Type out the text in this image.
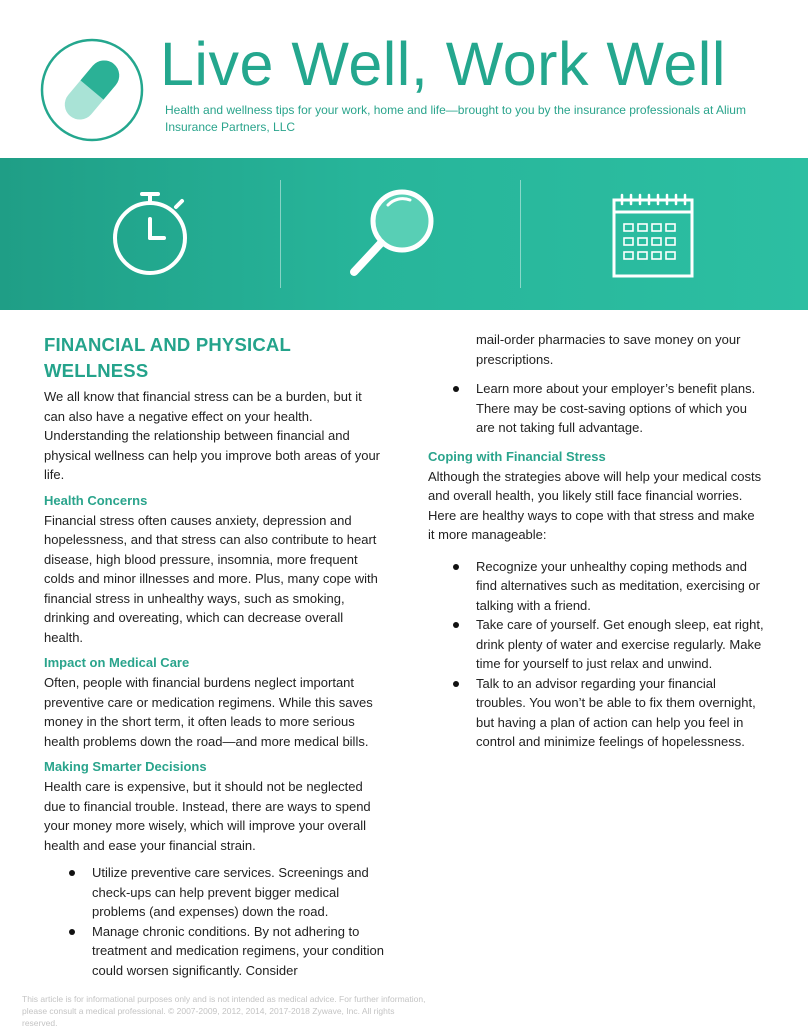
Live Well, Work Well
Health and wellness tips for your work, home and life—brought to you by the insurance professionals at Alium Insurance Partners, LLC
FINANCIAL AND PHYSICAL WELLNESS

We all know that financial stress can be a burden, but it can also have a negative effect on your health. Understanding the relationship between financial and physical wellness can help you improve both areas of your life.

Health Concerns

Financial stress often causes anxiety, depression and hopelessness, and that stress can also contribute to heart disease, high blood pressure, insomnia, more frequent colds and minor illnesses and more. Plus, many cope with financial stress in unhealthy ways, such as smoking, drinking and overeating, which can decrease overall health.

Impact on Medical Care

Often, people with financial burdens neglect important preventive care or medication regimens. While this saves money in the short term, it often leads to more serious health problems down the road—and more medical bills.

Making Smarter Decisions

Health care is expensive, but it should not be neglected due to financial trouble. Instead, there are ways to spend your money more wisely, which will improve your overall health and ease your financial strain.

Utilize preventive care services. Screenings and check-ups can help prevent bigger medical problems (and expenses) down the road.
Manage chronic conditions. By not adhering to treatment and medication regimens, your condition could worsen significantly. Consider

mail-order pharmacies to save money on your prescriptions.

Learn more about your employer’s benefit plans. There may be cost-saving options of which you are not taking full advantage.
Coping with Financial Stress

Although the strategies above will help your medical costs and overall health, you likely still face financial worries. Here are healthy ways to cope with that stress and make it more manageable:

Recognize your unhealthy coping methods and find alternatives such as meditation, exercising or talking with a friend.
Take care of yourself. Get enough sleep, eat right, drink plenty of water and exercise regularly. Make time for yourself to just relax and unwind.
Talk to an advisor regarding your financial troubles. You won’t be able to fix them overnight, but having a plan of action can help you feel in control and minimize feelings of hopelessness.
This article is for informational purposes only and is not intended as medical advice. For further information, please consult a medical professional. © 2007-2009, 2012, 2014, 2017-2018 Zywave, Inc. All rights reserved.
